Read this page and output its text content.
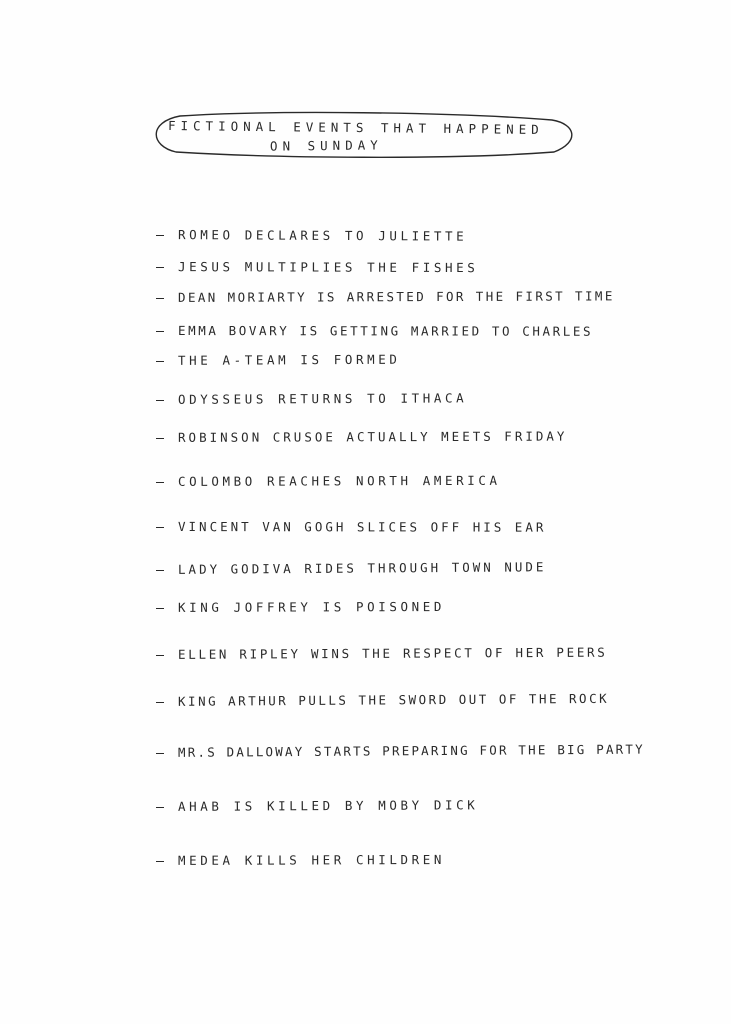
FICTIONAL EVENTS THAT HAPPENED
ON SUNDAY
ROMEO DECLARES TO JULIETTE
JESUS MULTIPLIES THE FISHES
DEAN MORIARTY IS ARRESTED FOR THE FIRST TIME
EMMA BOVARY IS GETTING MARRIED TO CHARLES
THE A-TEAM IS FORMED
ODYSSEUS RETURNS TO ITHACA
ROBINSON CRUSOE ACTUALLY MEETS FRIDAY
COLOMBO REACHES NORTH AMERICA
VINCENT VAN GOGH SLICES OFF HIS EAR
LADY GODIVA RIDES THROUGH TOWN NUDE
KING JOFFREY IS POISONED
ELLEN RIPLEY WINS THE RESPECT OF HER PEERS
KING ARTHUR PULLS THE SWORD OUT OF THE ROCK
MR.S DALLOWAY STARTS PREPARING FOR THE BIG PARTY
AHAB IS KILLED BY MOBY DICK
MEDEA KILLS HER CHILDREN
